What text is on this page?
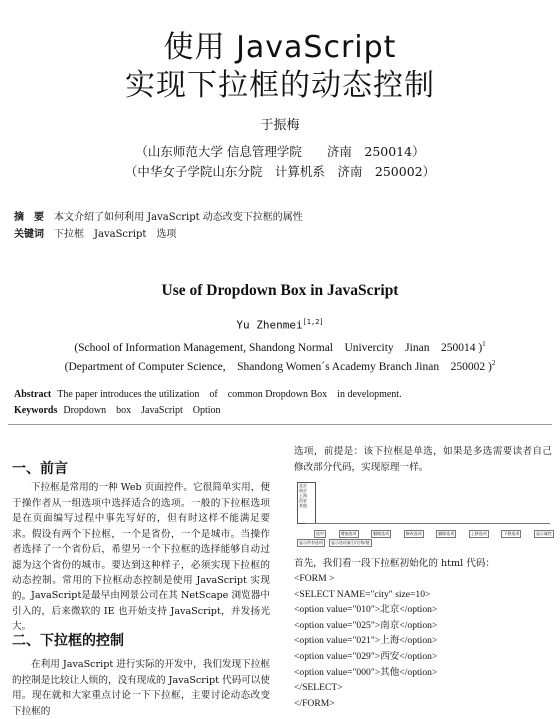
使用 JavaScript
实现下拉框的动态控制
于振梅
（山东师范大学 信息管理学院　　济南　250014）
（中华女子学院山东分院　计算机系　济南　250002）
摘　要 本文介绍了如何利用 JavaScript 动态改变下拉框的属性
关键词 下拉框　JavaScript　选项
Use of Dropdown Box in JavaScript
Yu Zhenmei[1,2]
(School of Information Management, Shandong Normal　Univercity　Jinan　250014 )$^1$
(Department of Computer Science,　Shandong Women´s Academy Branch Jinan　250002 )$^2$
Abstract The paper introduces the utilization　of　common Dropdown Box　in development.
Keywords Dropdown　box　JavaScript　Option
一、前言

下拉框是常用的一种 Web 页面控件。它很简单实用，便于操作者从一组选项中选择适合的选项。一般的下拉框选项是在页面编写过程中事先写好的，但有时这样不能满足要求。假设有两个下拉框，一个是省份，一个是城市。当操作者选择了一个省份后，希望另一个下拉框的选择能够自动过滤为这个省份的城市。要达到这种样子，必须实现下拉框的动态控制。常用的下拉框动态控制是使用 JavaScript 实现的。 JavaScript是最早由网景公司在其 NetScape 浏览器中引入的，后来微软的 IE 也开始支持 JavaScript，并发扬光大。

二、下拉框的控制

在利用 JavaScript 进行实际的开发中，我们发现下拉框的控制是比较让人烦的，没有现成的 JavaScript 代码可以使用。现在就和大家重点讨论一下下拉框，主要讨论动态改变下拉框的

选项，前提是：该下拉框是单选，如果是多选需要读者自己修改部分代码，实现原理一样。

北京
南京
上海
西安
其他
选中	增加选项	删除选项	修改选项	删除选项	上移选项	下移选项	显示属性
显示所有选项	显示选项索引/名称/值

首先，我们看一段下拉框初始化的 html 代码：

<FORM >
<SELECT NAME="city" size=10>
<option value="010">北京</option>
<option value="025">南京</option>
<option value="021">上海</option>
<option value="029">西安</option>
<option value="000">其他</option>
</SELECT>
</FORM>
